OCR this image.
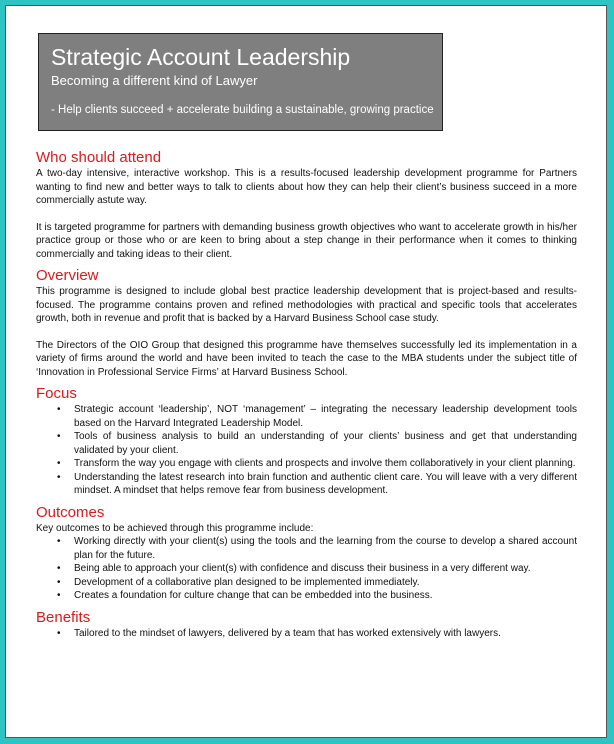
Strategic Account Leadership
Becoming a different kind of Lawyer
- Help clients succeed + accelerate building a sustainable, growing practice
Who should attend

A two-day intensive, interactive workshop. This is a results-focused leadership development programme for Partners wanting to find new and better ways to talk to clients about how they can help their client’s business succeed in a more commercially astute way.

It is targeted programme for partners with demanding business growth objectives who want to accelerate growth in his/her practice group or those who or are keen to bring about a step change in their performance when it comes to thinking commercially and taking ideas to their client.

Overview

This programme is designed to include global best practice leadership development that is project-based and results-focused. The programme contains proven and refined methodologies with practical and specific tools that accelerates growth, both in revenue and profit that is backed by a Harvard Business School case study.

The Directors of the OIO Group that designed this programme have themselves successfully led its implementation in a variety of firms around the world and have been invited to teach the case to the MBA students under the subject title of ‘Innovation in Professional Service Firms’ at Harvard Business School.

Focus
• Strategic account ‘leadership’, NOT ‘management’ – integrating the necessary leadership development tools based on the Harvard Integrated Leadership Model.
• Tools of business analysis to build an understanding of your clients’ business and get that understanding validated by your client.
• Transform the way you engage with clients and prospects and involve them collaboratively in your client planning.
• Understanding the latest research into brain function and authentic client care. You will leave with a very different mindset. A mindset that helps remove fear from business development.
Outcomes

Key outcomes to be achieved through this programme include:

• Working directly with your client(s) using the tools and the learning from the course to develop a shared account plan for the future.
• Being able to approach your client(s) with confidence and discuss their business in a very different way.
• Development of a collaborative plan designed to be implemented immediately.
• Creates a foundation for culture change that can be embedded into the business.
Benefits
• Tailored to the mindset of lawyers, delivered by a team that has worked extensively with lawyers.
